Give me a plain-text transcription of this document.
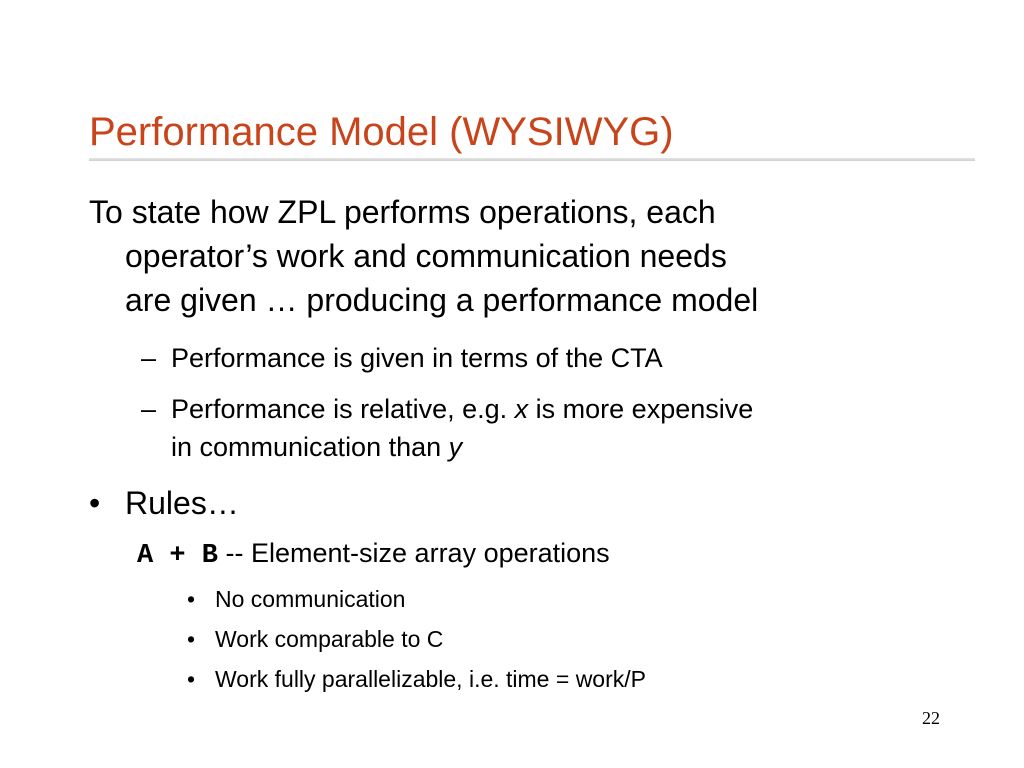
Performance Model (WYSIWYG)
To state how ZPL performs operations, each
operator’s work and communication needs
are given … producing a performance model
– Performance is given in terms of the CTA
– Performance is relative, e.g. x is more expensive
in communication than y
• Rules…
A + B -- Element-size array operations
• No communication
• Work comparable to C
• Work fully parallelizable, i.e. time = work/P
22
